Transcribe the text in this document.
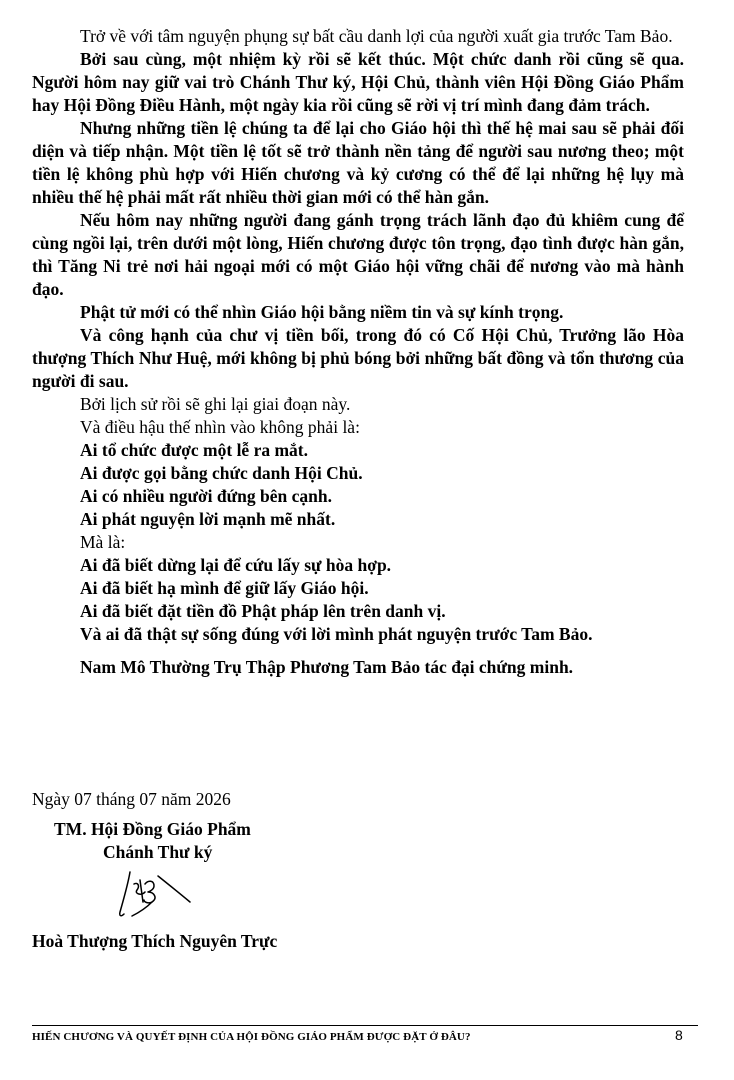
Trở về với tâm nguyện phụng sự bất cầu danh lợi của người xuất gia trước Tam Bảo.

Bởi sau cùng, một nhiệm kỳ rồi sẽ kết thúc. Một chức danh rồi cũng sẽ qua. Người hôm nay giữ vai trò Chánh Thư ký, Hội Chủ, thành viên Hội Đồng Giáo Phẩm hay Hội Đồng Điều Hành, một ngày kia rồi cũng sẽ rời vị trí mình đang đảm trách.

Nhưng những tiền lệ chúng ta để lại cho Giáo hội thì thế hệ mai sau sẽ phải đối diện và tiếp nhận. Một tiền lệ tốt sẽ trở thành nền tảng để người sau nương theo; một tiền lệ không phù hợp với Hiến chương và kỷ cương có thể để lại những hệ lụy mà nhiều thế hệ phải mất rất nhiều thời gian mới có thể hàn gắn.

Nếu hôm nay những người đang gánh trọng trách lãnh đạo đủ khiêm cung để cùng ngồi lại, trên dưới một lòng, Hiến chương được tôn trọng, đạo tình được hàn gắn, thì Tăng Ni trẻ nơi hải ngoại mới có một Giáo hội vững chãi để nương vào mà hành đạo.

Phật tử mới có thể nhìn Giáo hội bằng niềm tin và sự kính trọng.

Và công hạnh của chư vị tiền bối, trong đó có Cố Hội Chủ, Trưởng lão Hòa thượng Thích Như Huệ, mới không bị phủ bóng bởi những bất đồng và tổn thương của người đi sau.

Bởi lịch sử rồi sẽ ghi lại giai đoạn này.

Và điều hậu thế nhìn vào không phải là:

Ai tổ chức được một lễ ra mắt.

Ai được gọi bằng chức danh Hội Chủ.

Ai có nhiều người đứng bên cạnh.

Ai phát nguyện lời mạnh mẽ nhất.

Mà là:

Ai đã biết dừng lại để cứu lấy sự hòa hợp.

Ai đã biết hạ mình để giữ lấy Giáo hội.

Ai đã biết đặt tiền đồ Phật pháp lên trên danh vị.

Và ai đã thật sự sống đúng với lời mình phát nguyện trước Tam Bảo.

Nam Mô Thường Trụ Thập Phương Tam Bảo tác đại chứng minh.

Ngày 07 tháng 07 năm 2026
TM. Hội Đồng Giáo Phẩm
Chánh Thư ký
Hoà Thượng Thích Nguyên Trực
HIẾN CHƯƠNG VÀ QUYẾT ĐỊNH CỦA HỘI ĐỒNG GIÁO PHẨM ĐƯỢC ĐẶT Ở ĐÂU?	8
